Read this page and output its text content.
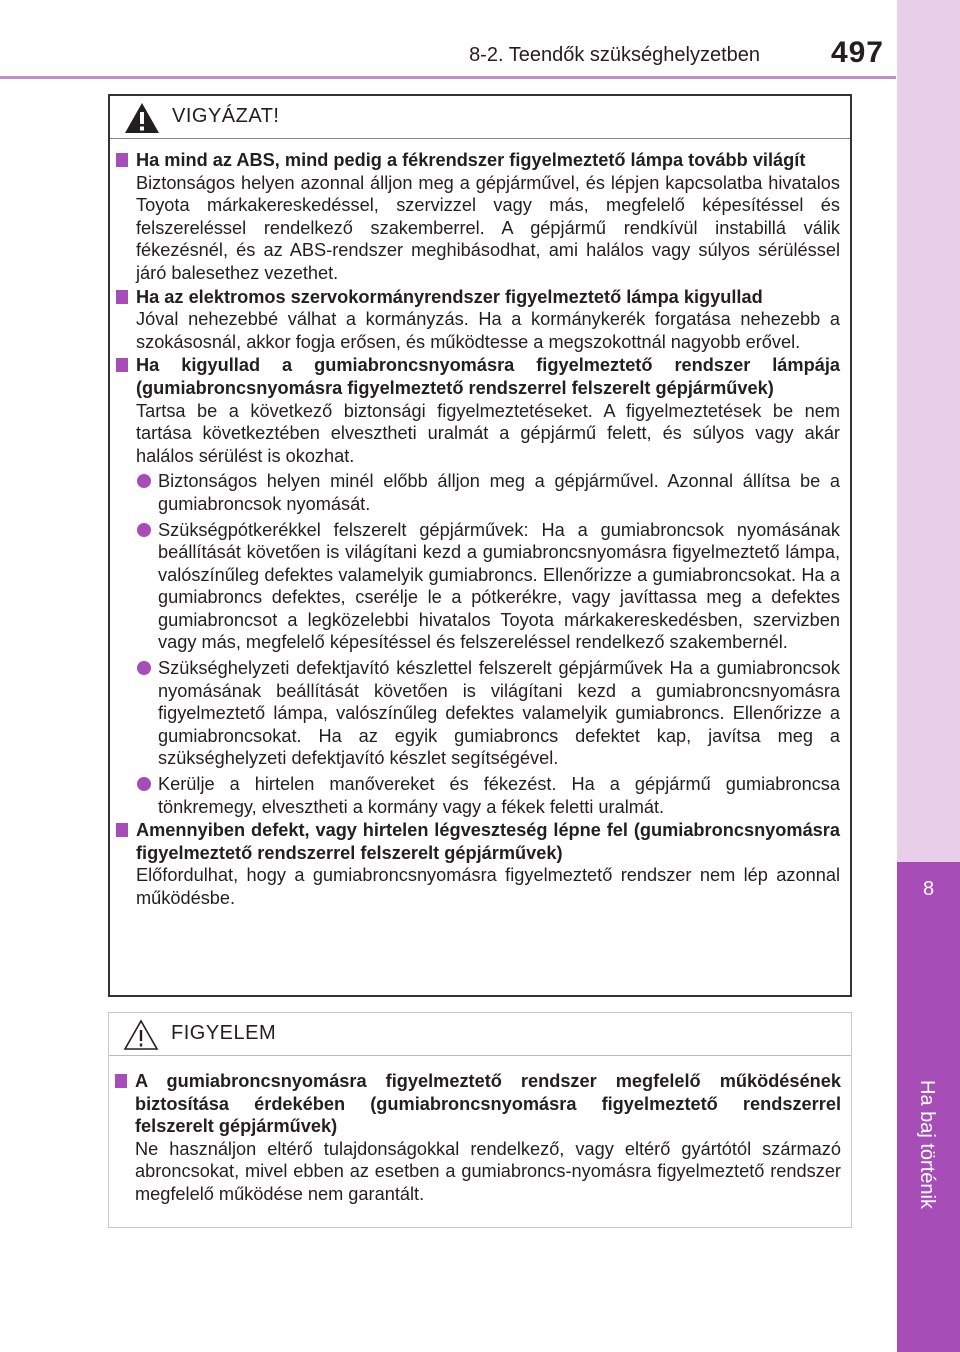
8-2. Teendők szükséghelyzetben	497
8
Ha baj történik
VIGYÁZAT!
Ha mind az ABS, mind pedig a fékrendszer figyelmeztető lámpa tovább világít
Biztonságos helyen azonnal álljon meg a gépjárművel, és lépjen kapcsolatba hivatalos Toyota márkakereskedéssel, szervizzel vagy más, megfelelő képesítéssel és felszereléssel rendelkező szakemberrel. A gépjármű rendkívül instabillá válik fékezésnél, és az ABS-rendszer meghibásodhat, ami halálos vagy súlyos sérüléssel járó balesethez vezethet.
Ha az elektromos szervokormányrendszer figyelmeztető lámpa kigyullad
Jóval nehezebbé válhat a kormányzás. Ha a kormánykerék forgatása nehezebb a szokásosnál, akkor fogja erősen, és működtesse a megszokottnál nagyobb erővel.
Ha kigyullad a gumiabroncsnyomásra figyelmeztető rendszer lámpája (gumiabroncsnyomásra figyelmeztető rendszerrel felszerelt gépjárművek)
Tartsa be a következő biztonsági figyelmeztetéseket. A figyelmeztetések be nem tartása következtében elvesztheti uralmát a gépjármű felett, és súlyos vagy akár halálos sérülést is okozhat.
Biztonságos helyen minél előbb álljon meg a gépjárművel. Azonnal állítsa be a gumiabroncsok nyomását.
Szükségpótkerékkel felszerelt gépjárművek: Ha a gumiabroncsok nyomásának beállítását követően is világítani kezd a gumiabroncsnyomásra figyelmeztető lámpa, valószínűleg defektes valamelyik gumiabroncs. Ellenőrizze a gumiabroncsokat. Ha a gumiabroncs defektes, cserélje le a pótkerékre, vagy javíttassa meg a defektes gumiabroncsot a legközelebbi hivatalos Toyota márkakereskedésben, szervizben vagy más, megfelelő képesítéssel és felszereléssel rendelkező szakembernél.
Szükséghelyzeti defektjavító készlettel felszerelt gépjárművek Ha a gumiabroncsok nyomásának beállítását követően is világítani kezd a gumiabroncsnyomásra figyelmeztető lámpa, valószínűleg defektes valamelyik gumiabroncs. Ellenőrizze a gumiabroncsokat. Ha az egyik gumiabroncs defektet kap, javítsa meg a szükséghelyzeti defektjavító készlet segítségével.
Kerülje a hirtelen manővereket és fékezést. Ha a gépjármű gumiabroncsa tönkremegy, elvesztheti a kormány vagy a fékek feletti uralmát.
Amennyiben defekt, vagy hirtelen légveszteség lépne fel (gumiabroncsnyomásra figyelmeztető rendszerrel felszerelt gépjárművek)
Előfordulhat, hogy a gumiabroncsnyomásra figyelmeztető rendszer nem lép azonnal működésbe.
FIGYELEM
A gumiabroncsnyomásra figyelmeztető rendszer megfelelő működésének biztosítása érdekében (gumiabroncsnyomásra figyelmeztető rendszerrel felszerelt gépjárművek)
Ne használjon eltérő tulajdonságokkal rendelkező, vagy eltérő gyártótól származó abroncsokat, mivel ebben az esetben a gumiabroncs-nyomásra figyelmeztető rendszer megfelelő működése nem garantált.
